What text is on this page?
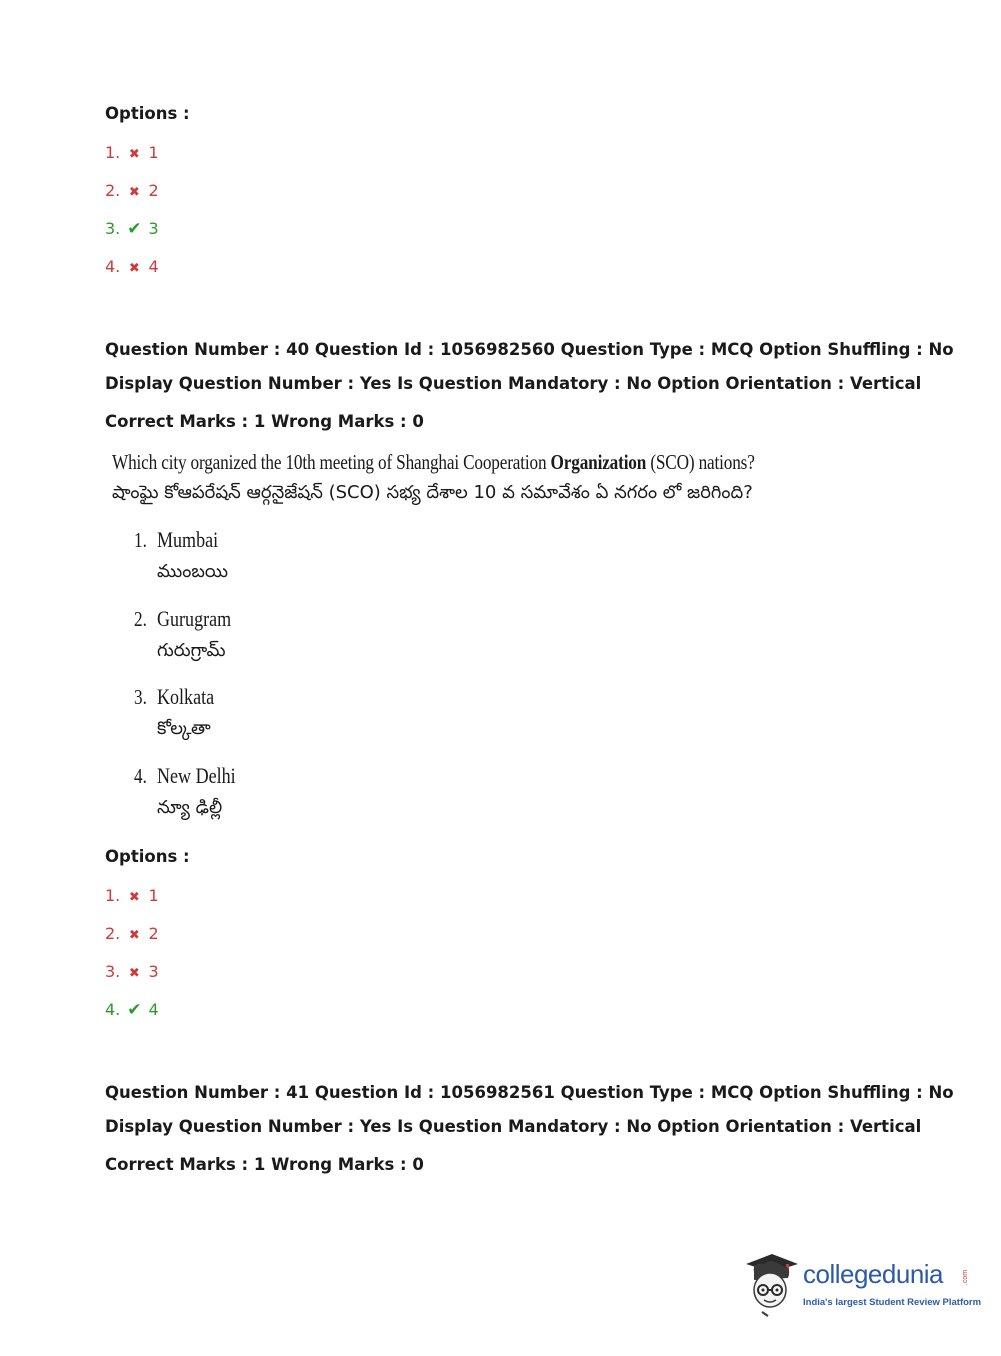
Options :
1. ✖ 1
2. ✖ 2
3. ✔ 3
4. ✖ 4
Question Number : 40 Question Id : 1056982560 Question Type : MCQ Option Shuffling : No
Display Question Number : Yes Is Question Mandatory : No Option Orientation : Vertical
Correct Marks : 1 Wrong Marks : 0
Which city organized the 10th meeting of Shanghai Cooperation Organization (SCO) nations?
షాంఘై కోఆపరేషన్ ఆర్గనైజేషన్ (SCO) సభ్య దేశాల 10 వ సమావేశం ఏ నగరం లో జరిగింది?
1. Mumbai
ముంబయి
2. Gurugram
గురుగ్రామ్
3. Kolkata
కోల్కతా
4. New Delhi
న్యూ ఢిల్లీ
Options :
1. ✖ 1
2. ✖ 2
3. ✖ 3
4. ✔ 4
Question Number : 41 Question Id : 1056982561 Question Type : MCQ Option Shuffling : No
Display Question Number : Yes Is Question Mandatory : No Option Orientation : Vertical
Correct Marks : 1 Wrong Marks : 0
collegedunia	.com
India's largest Student Review Platform
